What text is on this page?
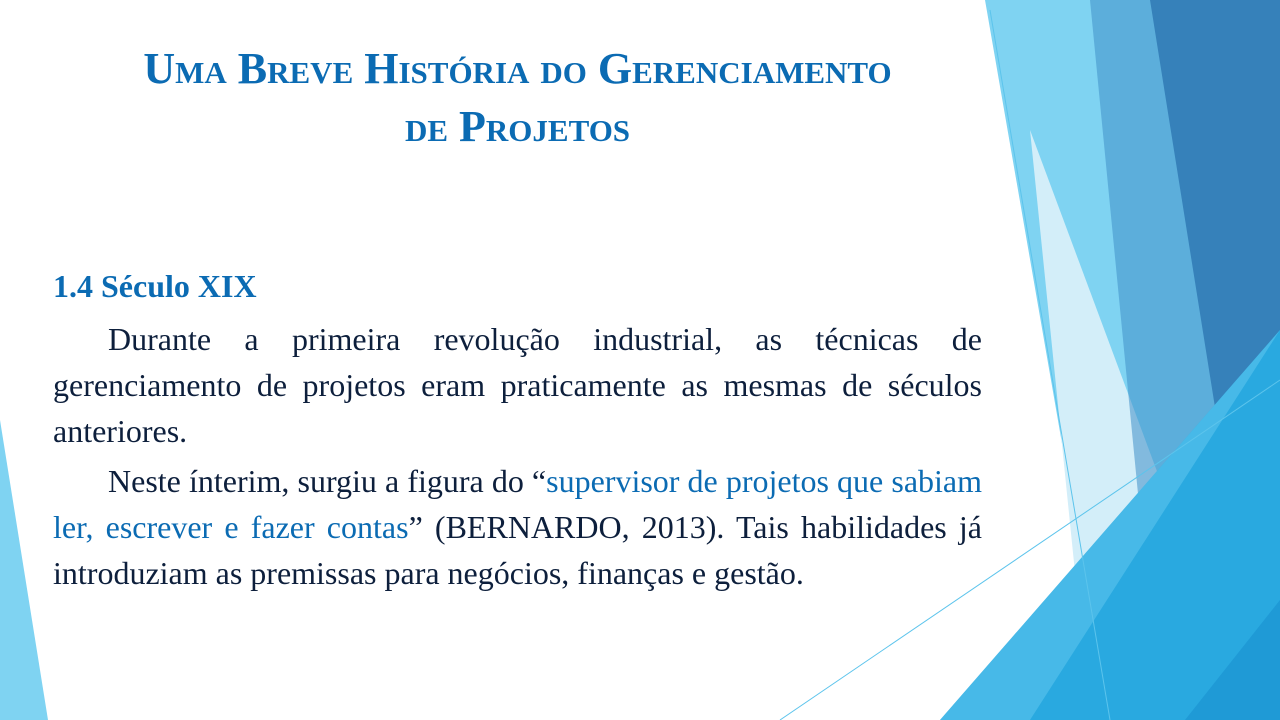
Uma Breve História do Gerenciamento
de Projetos
1.4 Século XIX

Durante a primeira revolução industrial, as técnicas de gerenciamento de projetos eram praticamente as mesmas de séculos anteriores.

Neste ínterim, surgiu a figura do “supervisor de projetos que sabiam ler, escrever e fazer contas” (BERNARDO, 2013). Tais habilidades já introduziam as premissas para negócios, finanças e gestão.
